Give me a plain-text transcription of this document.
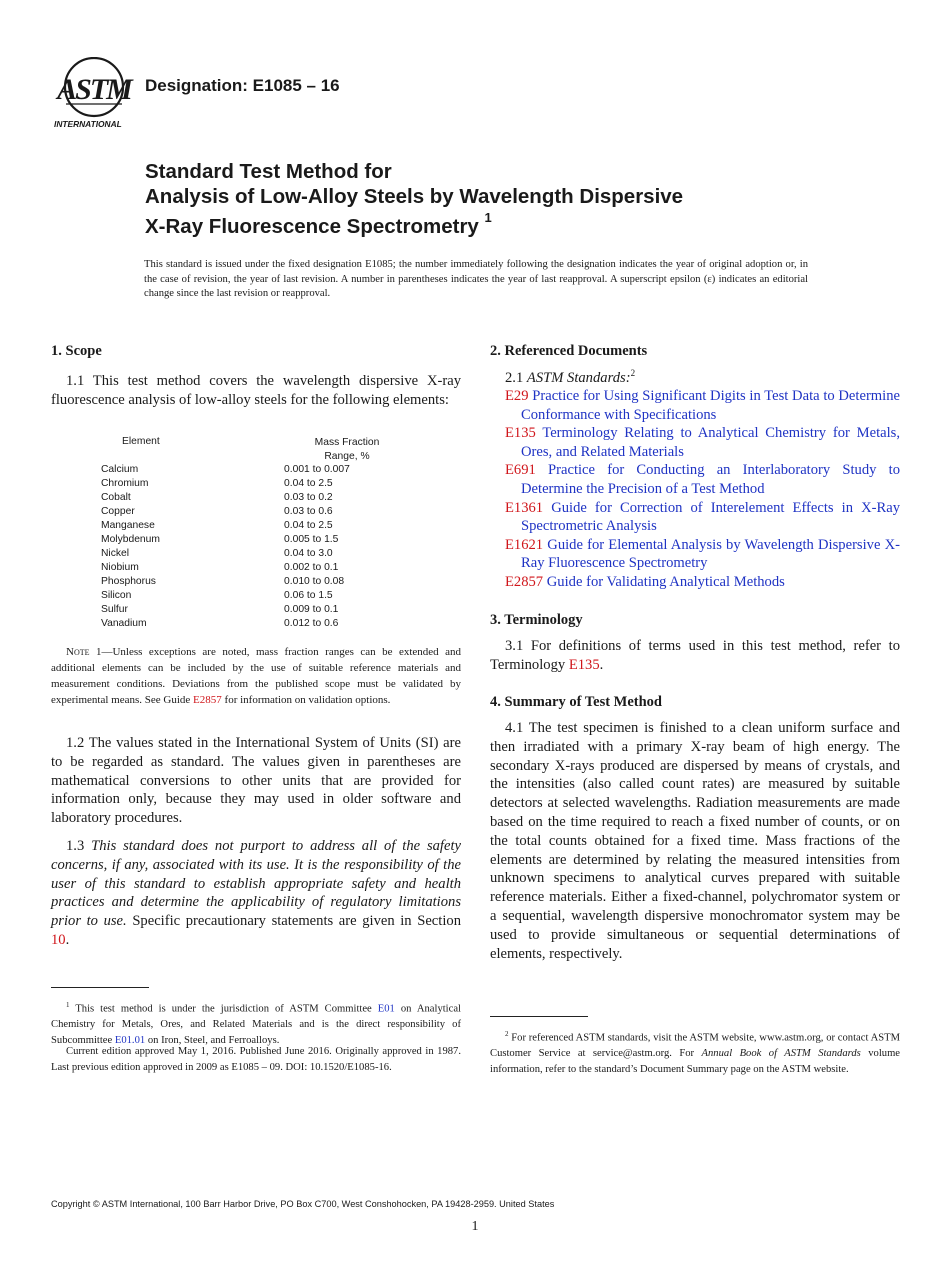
ASTM
INTERNATIONAL
Designation: E1085 – 16
Standard Test Method for
Analysis of Low-Alloy Steels by Wavelength Dispersive
X-Ray Fluorescence Spectrometry $^1$
This standard is issued under the fixed designation E1085; the number immediately following the designation indicates the year of original adoption or, in the case of revision, the year of last revision. A number in parentheses indicates the year of last reapproval. A superscript epsilon (ε) indicates an editorial change since the last revision or reapproval.
1. Scope

1.1 This test method covers the wavelength dispersive X-ray fluorescence analysis of low-alloy steels for the following elements:

Element	Mass Fraction
Range, %
Calcium	0.001 to 0.007
Chromium	0.04 to 2.5
Cobalt	0.03 to 0.2
Copper	0.03 to 0.6
Manganese	0.04 to 2.5
Molybdenum	0.005 to 1.5
Nickel	0.04 to 3.0
Niobium	0.002 to 0.1
Phosphorus	0.010 to 0.08
Silicon	0.06 to 1.5
Sulfur	0.009 to 0.1
Vanadium	0.012 to 0.6
Note 1—Unless exceptions are noted, mass fraction ranges can be extended and additional elements can be included by the use of suitable reference materials and measurement conditions. Deviations from the published scope must be validated by experimental means. See Guide E2857 for information on validation options.

1.2 The values stated in the International System of Units (SI) are to be regarded as standard. The values given in parentheses are mathematical conversions to other units that are provided for information only, because they may used in older software and laboratory procedures.

1.3 This standard does not purport to address all of the safety concerns, if any, associated with its use. It is the responsibility of the user of this standard to establish appropriate safety and health practices and determine the applicability of regulatory limitations prior to use. Specific precautionary statements are given in Section 10.

$^1$ This test method is under the jurisdiction of ASTM Committee E01 on Analytical Chemistry for Metals, Ores, and Related Materials and is the direct responsibility of Subcommittee E01.01 on Iron, Steel, and Ferroalloys.
Current edition approved May 1, 2016. Published June 2016. Originally approved in 1987. Last previous edition approved in 2009 as E1085 – 09. DOI: 10.1520/E1085-16.
2. Referenced Documents
2.1 ASTM Standards:$^2$
E29 Practice for Using Significant Digits in Test Data to Determine Conformance with Specifications
E135 Terminology Relating to Analytical Chemistry for Metals, Ores, and Related Materials
E691 Practice for Conducting an Interlaboratory Study to Determine the Precision of a Test Method
E1361 Guide for Correction of Interelement Effects in X-Ray Spectrometric Analysis
E1621 Guide for Elemental Analysis by Wavelength Dispersive X-Ray Fluorescence Spectrometry
E2857 Guide for Validating Analytical Methods
3. Terminology

3.1 For definitions of terms used in this test method, refer to Terminology E135.

4. Summary of Test Method

4.1 The test specimen is finished to a clean uniform surface and then irradiated with a primary X-ray beam of high energy. The secondary X-rays produced are dispersed by means of crystals, and the intensities (also called count rates) are measured by suitable detectors at selected wavelengths. Radiation measurements are made based on the time required to reach a fixed number of counts, or on the total counts obtained for a fixed time. Mass fractions of the elements are determined by relating the measured intensities from unknown specimens to analytical curves prepared with suitable reference materials. Either a fixed-channel, polychromator system or a sequential, wavelength dispersive monochromator system may be used to provide simultaneous or sequential determinations of elements, respectively.

$^2$ For referenced ASTM standards, visit the ASTM website, www.astm.org, or contact ASTM Customer Service at service@astm.org. For Annual Book of ASTM Standards volume information, refer to the standard’s Document Summary page on the ASTM website.
Copyright © ASTM International, 100 Barr Harbor Drive, PO Box C700, West Conshohocken, PA 19428-2959. United States
1
